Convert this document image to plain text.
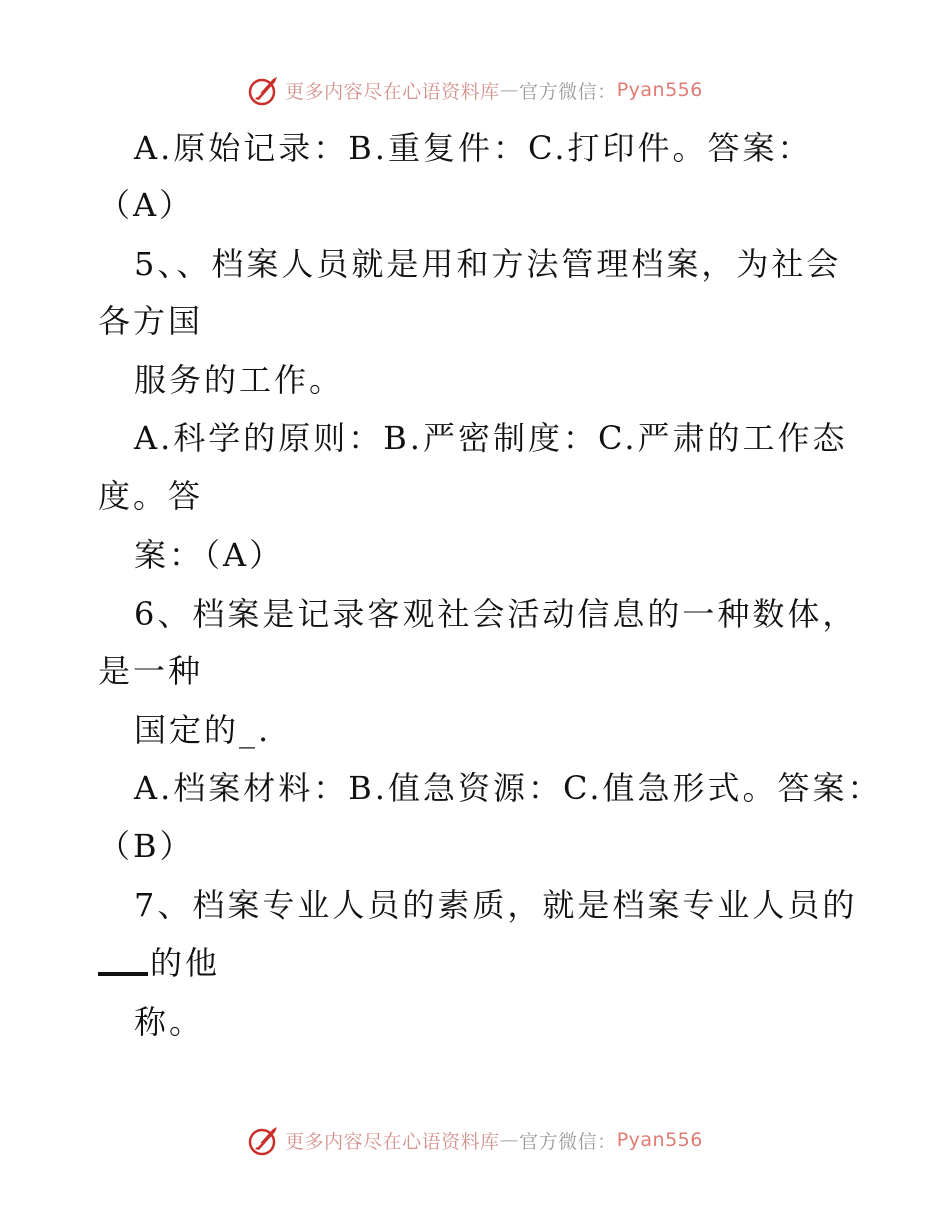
更多内容尽在心语资料库 — 官方微信： Pyan556
A.原始记录：B.重复件：C.打印件。答案：
（A）
5、、档案人员就是用和方法管理档案，为社会
各方国
服务的工作。
A.科学的原则：B.严密制度：C.严肃的工作态
度。答
案：（A）
6、档案是记录客观社会活动信息的一种数体，
是一种
国定的_.
A.档案材料：B.值急资源：C.值急形式。答案：
（B）
7、档案专业人员的素质，就是档案专业人员的
的他
称。
更多内容尽在心语资料库 — 官方微信： Pyan556
